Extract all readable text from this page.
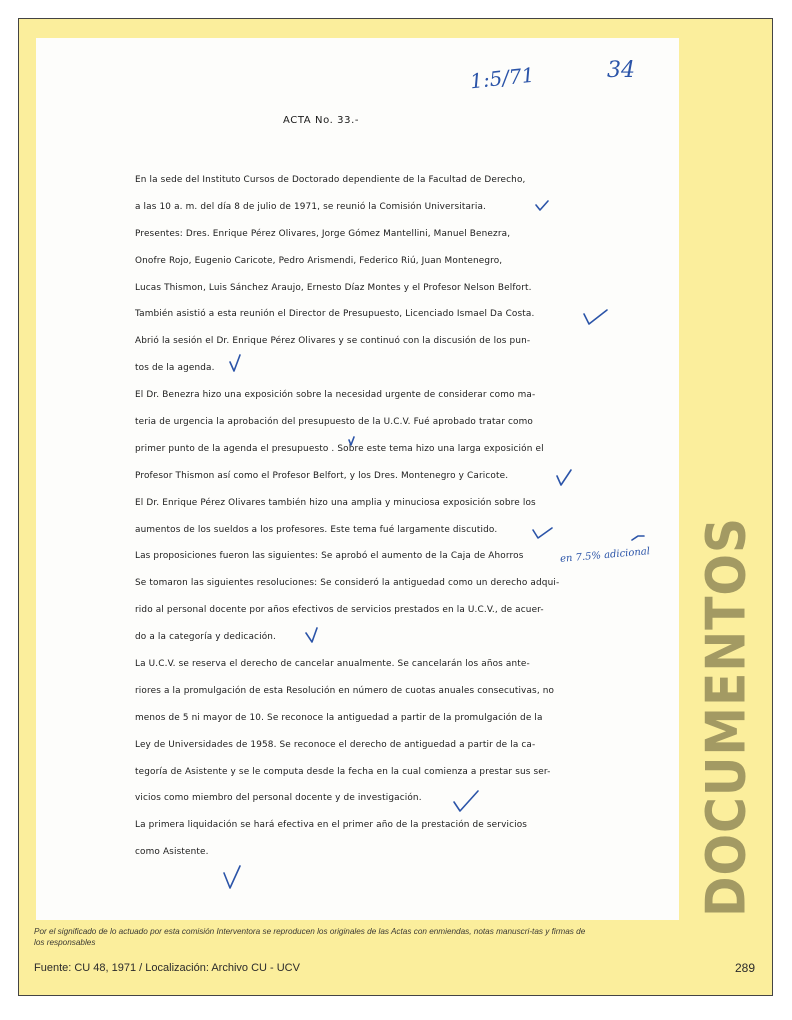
ACTA No. 33.-

1:5/71	34
en 7.5% adicional
En la sede del Instituto Cursos de Doctorado dependiente de la Facultad de Derecho,
a las 10 a. m. del día 8 de julio de 1971, se reunió la Comisión Universitaria.
Presentes: Dres. Enrique Pérez Olivares, Jorge Gómez Mantellini, Manuel Benezra,
Onofre Rojo, Eugenio Caricote, Pedro Arismendi, Federico Riú, Juan Montenegro,
Lucas Thismon, Luis Sánchez Araujo, Ernesto Díaz Montes y el Profesor Nelson Belfort.
También asistió a esta reunión el Director de Presupuesto, Licenciado Ismael Da Costa.
Abrió la sesión el Dr. Enrique Pérez Olivares y se continuó con la discusión de los pun-
tos de la agenda.
El Dr. Benezra hizo una exposición sobre la necesidad urgente de considerar como ma-
teria de urgencia la aprobación del presupuesto de la U.C.V. Fué aprobado tratar como
primer punto de la agenda el presupuesto . Sobre este tema hizo una larga exposición el
Profesor Thismon así como el Profesor Belfort, y los Dres. Montenegro y Caricote.
El Dr. Enrique Pérez Olivares también hizo una amplia y minuciosa exposición sobre los
aumentos de los sueldos a los profesores. Este tema fué largamente discutido.
Las proposiciones fueron las siguientes: Se aprobó el aumento de la Caja de Ahorros
Se tomaron las siguientes resoluciones: Se consideró la antiguedad como un derecho adqui-
rido al personal docente por años efectivos de servicios prestados en la U.C.V., de acuer-
do a la categoría y dedicación.
La U.C.V. se reserva el derecho de cancelar anualmente. Se cancelarán los años ante-
riores a la promulgación de esta Resolución en número de cuotas anuales consecutivas, no
menos de 5 ni mayor de 10. Se reconoce la antiguedad a partir de la promulgación de la
Ley de Universidades de 1958. Se reconoce el derecho de antiguedad a partir de la ca-
tegoría de Asistente y se le computa desde la fecha en la cual comienza a prestar sus ser-
vicios como miembro del personal docente y de investigación.
La primera liquidación se hará efectiva en el primer año de la prestación de servicios
como Asistente.	DOCUMENTOS
Por el significado de lo actuado por esta comisión Interventora se reproducen los originales de las Actas con enmiendas, notas manuscri-tas y firmas de los responsables
Fuente: CU 48, 1971 / Localización: Archivo CU - UCV	289
